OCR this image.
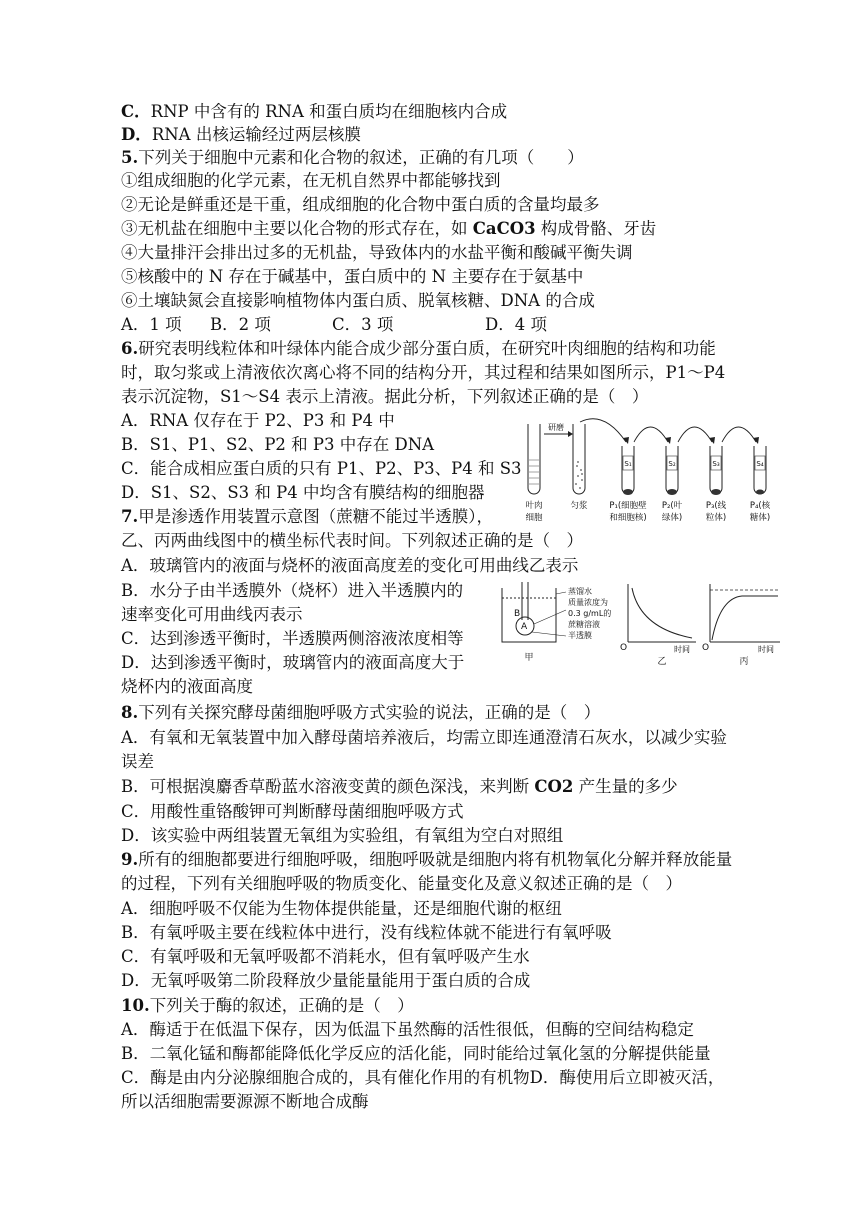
C．RNP 中含有的 RNA 和蛋白质均在细胞核内合成
D．RNA 出核运输经过两层核膜
5.下列关于细胞中元素和化合物的叙述，正确的有几项（　　）
①组成细胞的化学元素，在无机自然界中都能够找到
②无论是鲜重还是干重，组成细胞的化合物中蛋白质的含量均最多
③无机盐在细胞中主要以化合物的形式存在，如 CaCO3 构成骨骼、牙齿
④大量排汗会排出过多的无机盐，导致体内的水盐平衡和酸碱平衡失调
⑤核酸中的 N 存在于碱基中，蛋白质中的 N 主要存在于氨基中
⑥土壤缺氮会直接影响植物体内蛋白质、脱氧核糖、DNA 的合成
A．1 项 B．2 项	C．3 项	D．4 项
6.研究表明线粒体和叶绿体内能合成少部分蛋白质，在研究叶肉细胞的结构和功能
时，取匀浆或上清液依次离心将不同的结构分开，其过程和结果如图所示，P1～P4
表示沉淀物，S1～S4 表示上清液。据此分析，下列叙述正确的是（　）
A．RNA 仅存在于 P2、P3 和 P4 中
B．S1、P1、S2、P2 和 P3 中存在 DNA
C．能合成相应蛋白质的只有 P1、P2、P3、P4 和 S3
D．S1、S2、S3 和 P4 中均含有膜结构的细胞器
S₁	S₂	S₃	S₄
研磨
叶肉
细胞
匀浆	P₁(细胞壁
和细胞核)
P₂(叶
绿体)
P₃(线
粒体)
P₄(核
糖体)
7.甲是渗透作用装置示意图（蔗糖不能过半透膜），
乙、丙两曲线图中的横坐标代表时间。下列叙述正确的是（　）
A．玻璃管内的液面与烧杯的液面高度差的变化可用曲线乙表示
B．水分子由半透膜外（烧杯）进入半透膜内的
速率变化可用曲线丙表示
C．达到渗透平衡时，半透膜两侧溶液浓度相等
D．达到渗透平衡时，玻璃管内的液面高度大于
烧杯内的液面高度
B
A
蒸馏水
质量浓度为
0.3 g/mL的
蔗糖溶液
半透膜
甲
O	时间
乙
O	时间
丙
8.下列有关探究酵母菌细胞呼吸方式实验的说法，正确的是（　）
A．有氧和无氧装置中加入酵母菌培养液后，均需立即连通澄清石灰水，以减少实验
误差
B．可根据溴麝香草酚蓝水溶液变黄的颜色深浅，来判断 CO2 产生量的多少
C．用酸性重铬酸钾可判断酵母菌细胞呼吸方式
D．该实验中两组装置无氧组为实验组，有氧组为空白对照组
9.所有的细胞都要进行细胞呼吸，细胞呼吸就是细胞内将有机物氧化分解并释放能量
的过程，下列有关细胞呼吸的物质变化、能量变化及意义叙述正确的是（　）
A．细胞呼吸不仅能为生物体提供能量，还是细胞代谢的枢纽
B．有氧呼吸主要在线粒体中进行，没有线粒体就不能进行有氧呼吸
C．有氧呼吸和无氧呼吸都不消耗水，但有氧呼吸产生水
D．无氧呼吸第二阶段释放少量能量能用于蛋白质的合成
10.下列关于酶的叙述，正确的是（　）
A．酶适于在低温下保存，因为低温下虽然酶的活性很低，但酶的空间结构稳定
B．二氧化锰和酶都能降低化学反应的活化能，同时能给过氧化氢的分解提供能量
C．酶是由内分泌腺细胞合成的，具有催化作用的有机物D．酶使用后立即被灭活，
所以活细胞需要源源不断地合成酶
